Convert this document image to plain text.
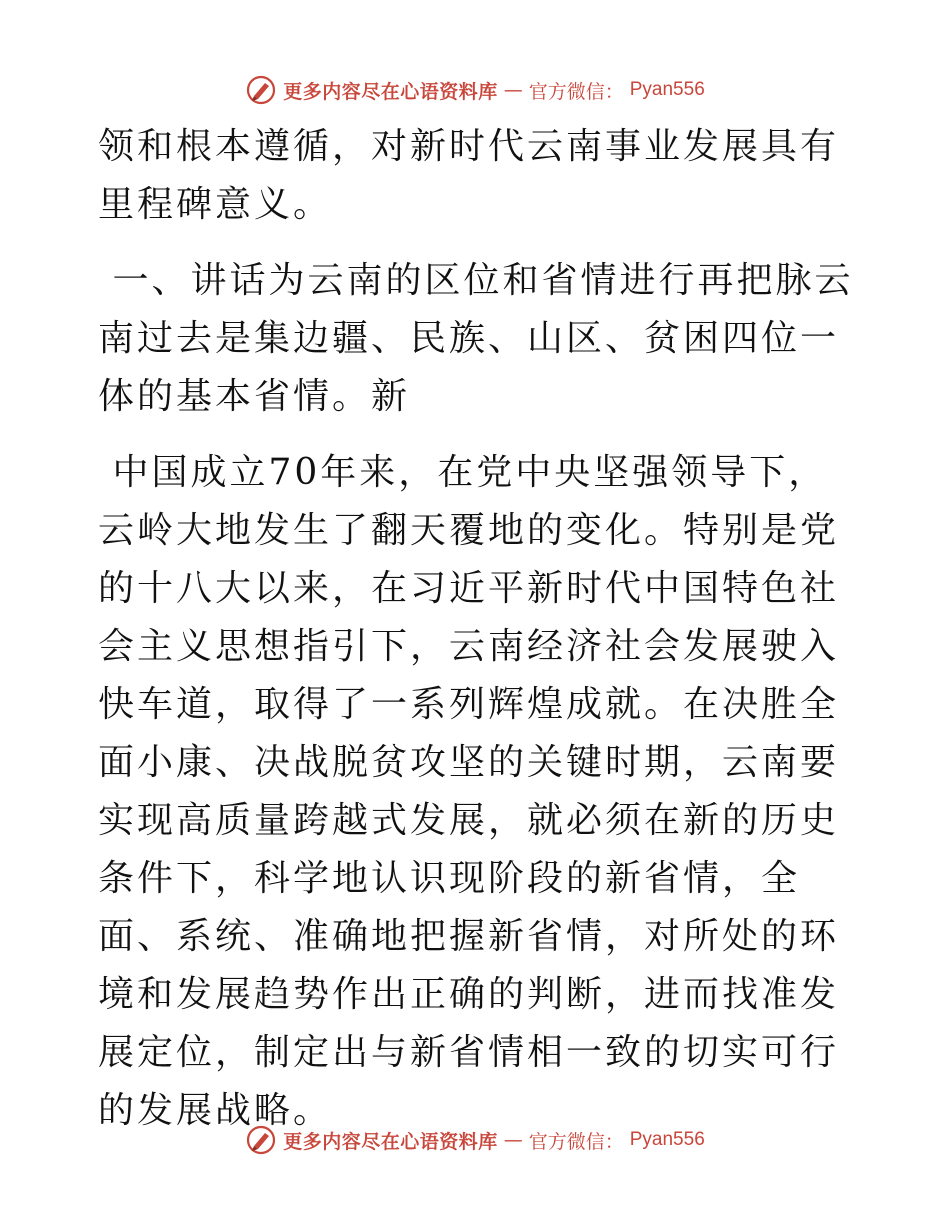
更多内容尽在心语资料库 — 官方微信： Pyan556

领和根本遵循，对新时代云南事业发展具有里程碑意义。

一、讲话为云南的区位和省情进行再把脉云南过去是集边疆、民族、山区、贫困四位一体的基本省情。新

中国成立70年来，在党中央坚强领导下，云岭大地发生了翻天覆地的变化。特别是党的十八大以来，在习近平新时代中国特色社会主义思想指引下，云南经济社会发展驶入快车道，取得了一系列辉煌成就。在决胜全面小康、决战脱贫攻坚的关键时期，云南要实现高质量跨越式发展，就必须在新的历史条件下，科学地认识现阶段的新省情，全面、系统、准确地把握新省情，对所处的环境和发展趋势作出正确的判断，进而找准发展定位，制定出与新省情相一致的切实可行的发展战略。

更多内容尽在心语资料库 — 官方微信： Pyan556
